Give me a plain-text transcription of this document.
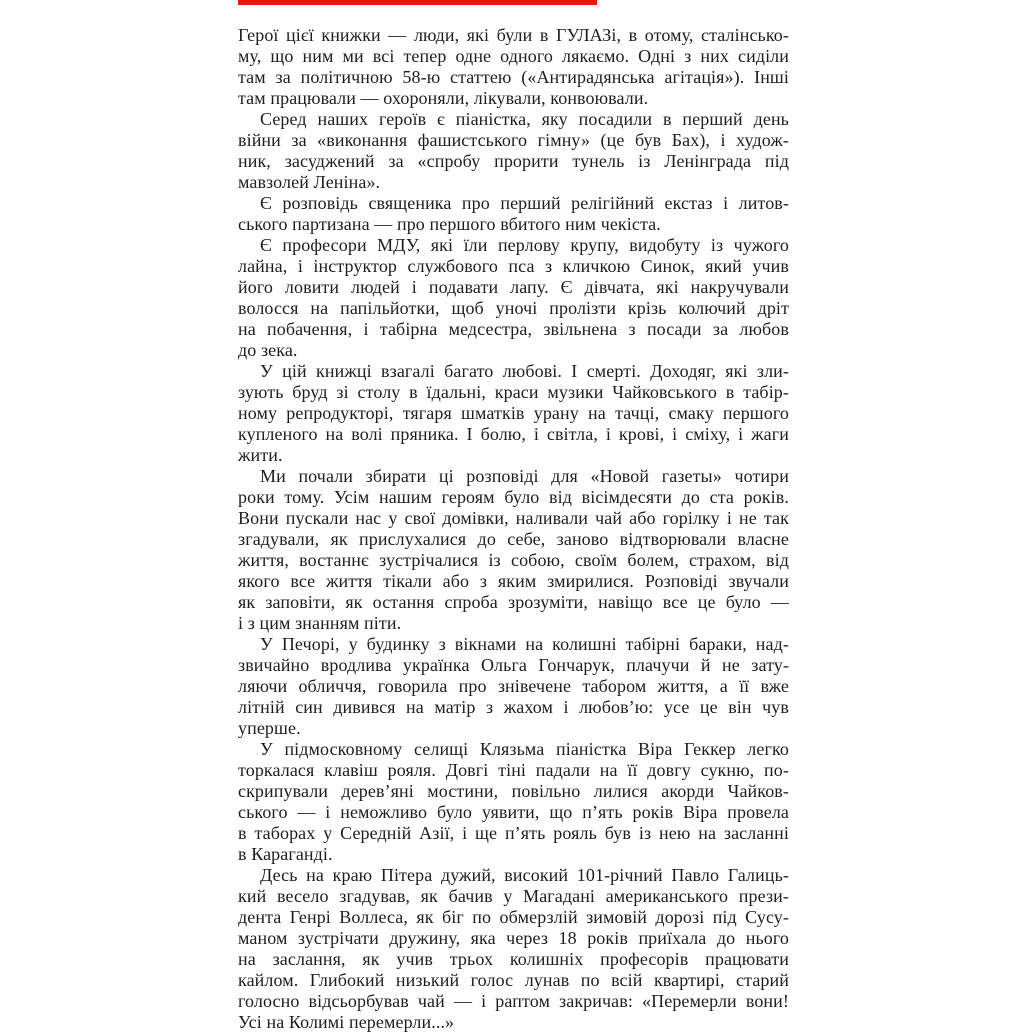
Герої цієї книжки — люди, які були в ГУЛАЗі, в отому, сталінсько-
му, що ним ми всі тепер одне одного лякаємо. Одні з них сиділи
там за політичною 58-ю статтею («Антирадянська агітація»). Інші
там працювали — охороняли, лікували, конвоювали.
Серед наших героїв є піаністка, яку посадили в перший день
війни за «виконання фашистського гімну» (це був Бах), і худож-
ник, засуджений за «спробу прорити тунель із Ленінграда під
мавзолей Леніна».
Є розповідь священика про перший релігійний екстаз і литов-
ського партизана — про першого вбитого ним чекіста.
Є професори МДУ, які їли перлову крупу, видобуту із чужого
лайна, і інструктор службового пса з кличкою Синок, який учив
його ловити людей і подавати лапу. Є дівчата, які накручували
волосся на папільйотки, щоб уночі пролізти крізь колючий дріт
на побачення, і табірна медсестра, звільнена з посади за любов
до зека.
У цій книжці взагалі багато любові. І смерті. Доходяг, які зли-
зують бруд зі столу в їдальні, краси музики Чайковського в табір-
ному репродукторі, тягаря шматків урану на тачці, смаку першого
купленого на волі пряника. І болю, і світла, і крові, і сміху, і жаги
жити.
Ми почали збирати ці розповіді для «Новой газеты» чотири
роки тому. Усім нашим героям було від вісімдесяти до ста років.
Вони пускали нас у свої домівки, наливали чай або горілку і не так
згадували, як прислухалися до себе, заново відтворювали власне
життя, востаннє зустрічалися із собою, своїм болем, страхом, від
якого все життя тікали або з яким змирилися. Розповіді звучали
як заповіти, як остання спроба зрозуміти, навіщо все це було —
і з цим знанням піти.
У Печорі, у будинку з вікнами на колишні табірні бараки, над-
звичайно вродлива українка Ольга Гончарук, плачучи й не зату-
ляючи обличчя, говорила про знівечене табором життя, а її вже
літній син дивився на матір з жахом і любов’ю: усе це він чув
уперше.
У підмосковному селищі Клязьма піаністка Віра Геккер легко
торкалася клавіш рояля. Довгі тіні падали на її довгу сукню, по-
скрипували дерев’яні мостини, повільно лилися акорди Чайков-
ського — і неможливо було уявити, що п’ять років Віра провела
в таборах у Середній Азії, і ще п’ять рояль був із нею на засланні
в Караганді.
Десь на краю Пітера дужий, високий 101-річний Павло Галиць-
кий весело згадував, як бачив у Магадані американського прези-
дента Генрі Воллеса, як біг по обмерзлій зимовій дорозі під Сусу-
маном зустрічати дружину, яка через 18 років приїхала до нього
на заслання, як учив трьох колишніх професорів працювати
кайлом. Глибокий низький голос лунав по всій квартирі, старий
голосно відсьорбував чай — і раптом закричав: «Перемерли вони!
Усі на Колимі перемерли...»
